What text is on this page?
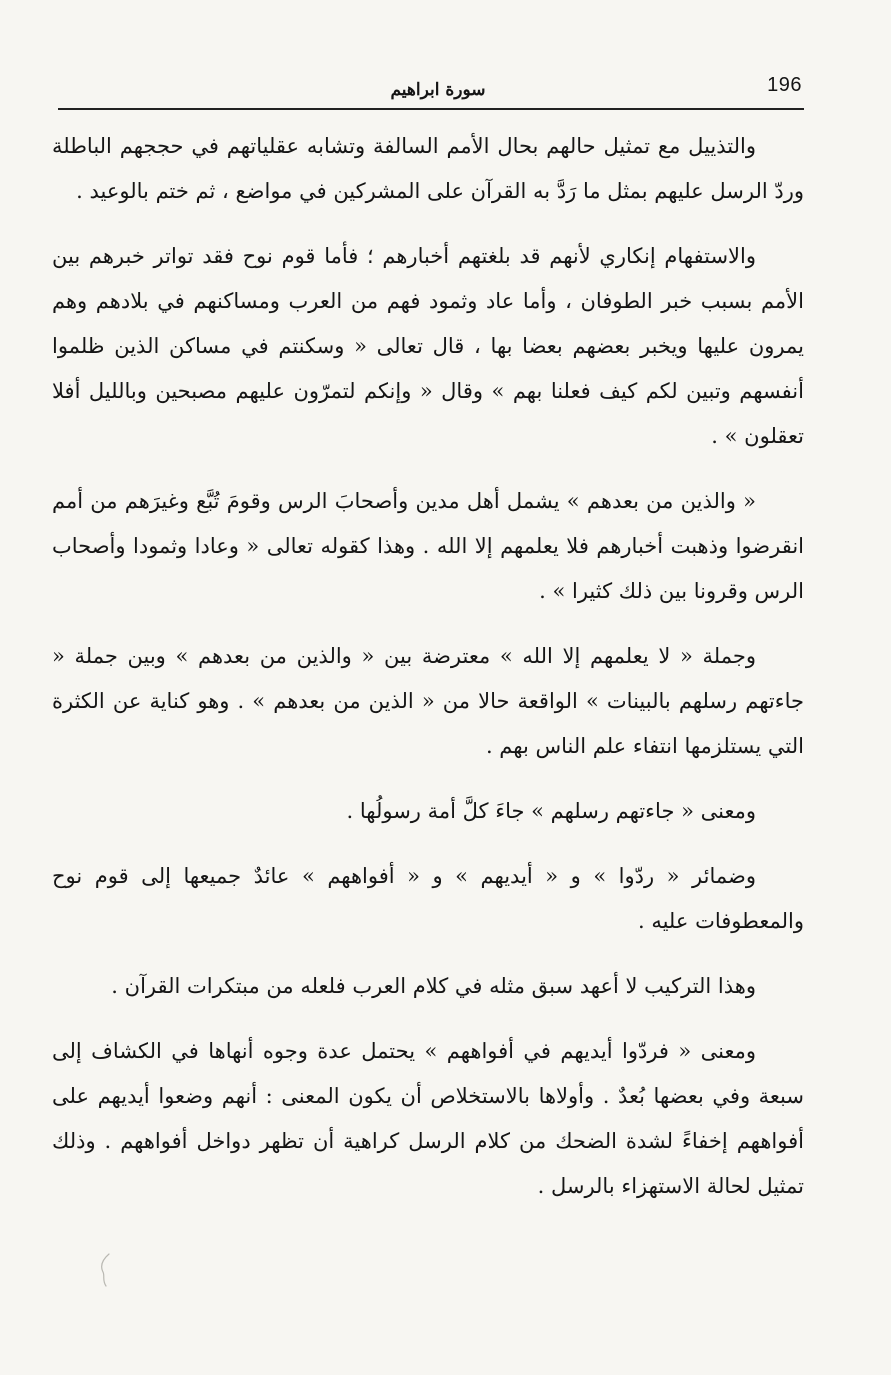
196
سورة ابراهيم

والتذييل مع تمثيل حالهم بحال الأمم السالفة وتشابه عقلياتهم في حججهم الباطلة وردّ الرسل عليهم بمثل ما رَدَّ به القرآن على المشركين في مواضع ، ثم ختم بالوعيد .

والاستفهام إنكاري لأنهم قد بلغتهم أخبارهم ؛ فأما قوم نوح فقد تواتر خبرهم بين الأمم بسبب خبر الطوفان ، وأما عاد وثمود فهم من العرب ومساكنهم في بلادهم وهم يمرون عليها ويخبر بعضهم بعضا بها ، قال تعالى « وسكنتم في مساكن الذين ظلموا أنفسهم وتبين لكم كيف فعلنا بهم » وقال « وإنكم لتمرّون عليهم مصبحين وبالليل أفلا تعقلون » .

« والذين من بعدهم » يشمل أهل مدين وأصحابَ الرس وقومَ تُبَّع وغيرَهم من أمم انقرضوا وذهبت أخبارهم فلا يعلمهم إلا الله . وهذا كقوله تعالى « وعادا وثمودا وأصحاب الرس وقرونا بين ذلك كثيرا » .

وجملة « لا يعلمهم إلا الله » معترضة بين « والذين من بعدهم » وبين جملة « جاءتهم رسلهم بالبينات » الواقعة حالا من « الذين من بعدهم » . وهو كناية عن الكثرة التي يستلزمها انتفاء علم الناس بهم .

ومعنى « جاءتهم رسلهم » جاءَ كلَّ أمة رسولُها .

وضمائر « ردّوا » و « أيديهم » و « أفواههم » عائدٌ جميعها إلى قوم نوح والمعطوفات عليه .

وهذا التركيب لا أعهد سبق مثله في كلام العرب فلعله من مبتكرات القرآن .

ومعنى « فردّوا أيديهم في أفواههم » يحتمل عدة وجوه أنهاها في الكشاف إلى سبعة وفي بعضها بُعدٌ . وأولاها بالاستخلاص أن يكون المعنى : أنهم وضعوا أيديهم على أفواههم إخفاءً لشدة الضحك من كلام الرسل كراهية أن تظهر دواخل أفواههم . وذلك تمثيل لحالة الاستهزاء بالرسل .
